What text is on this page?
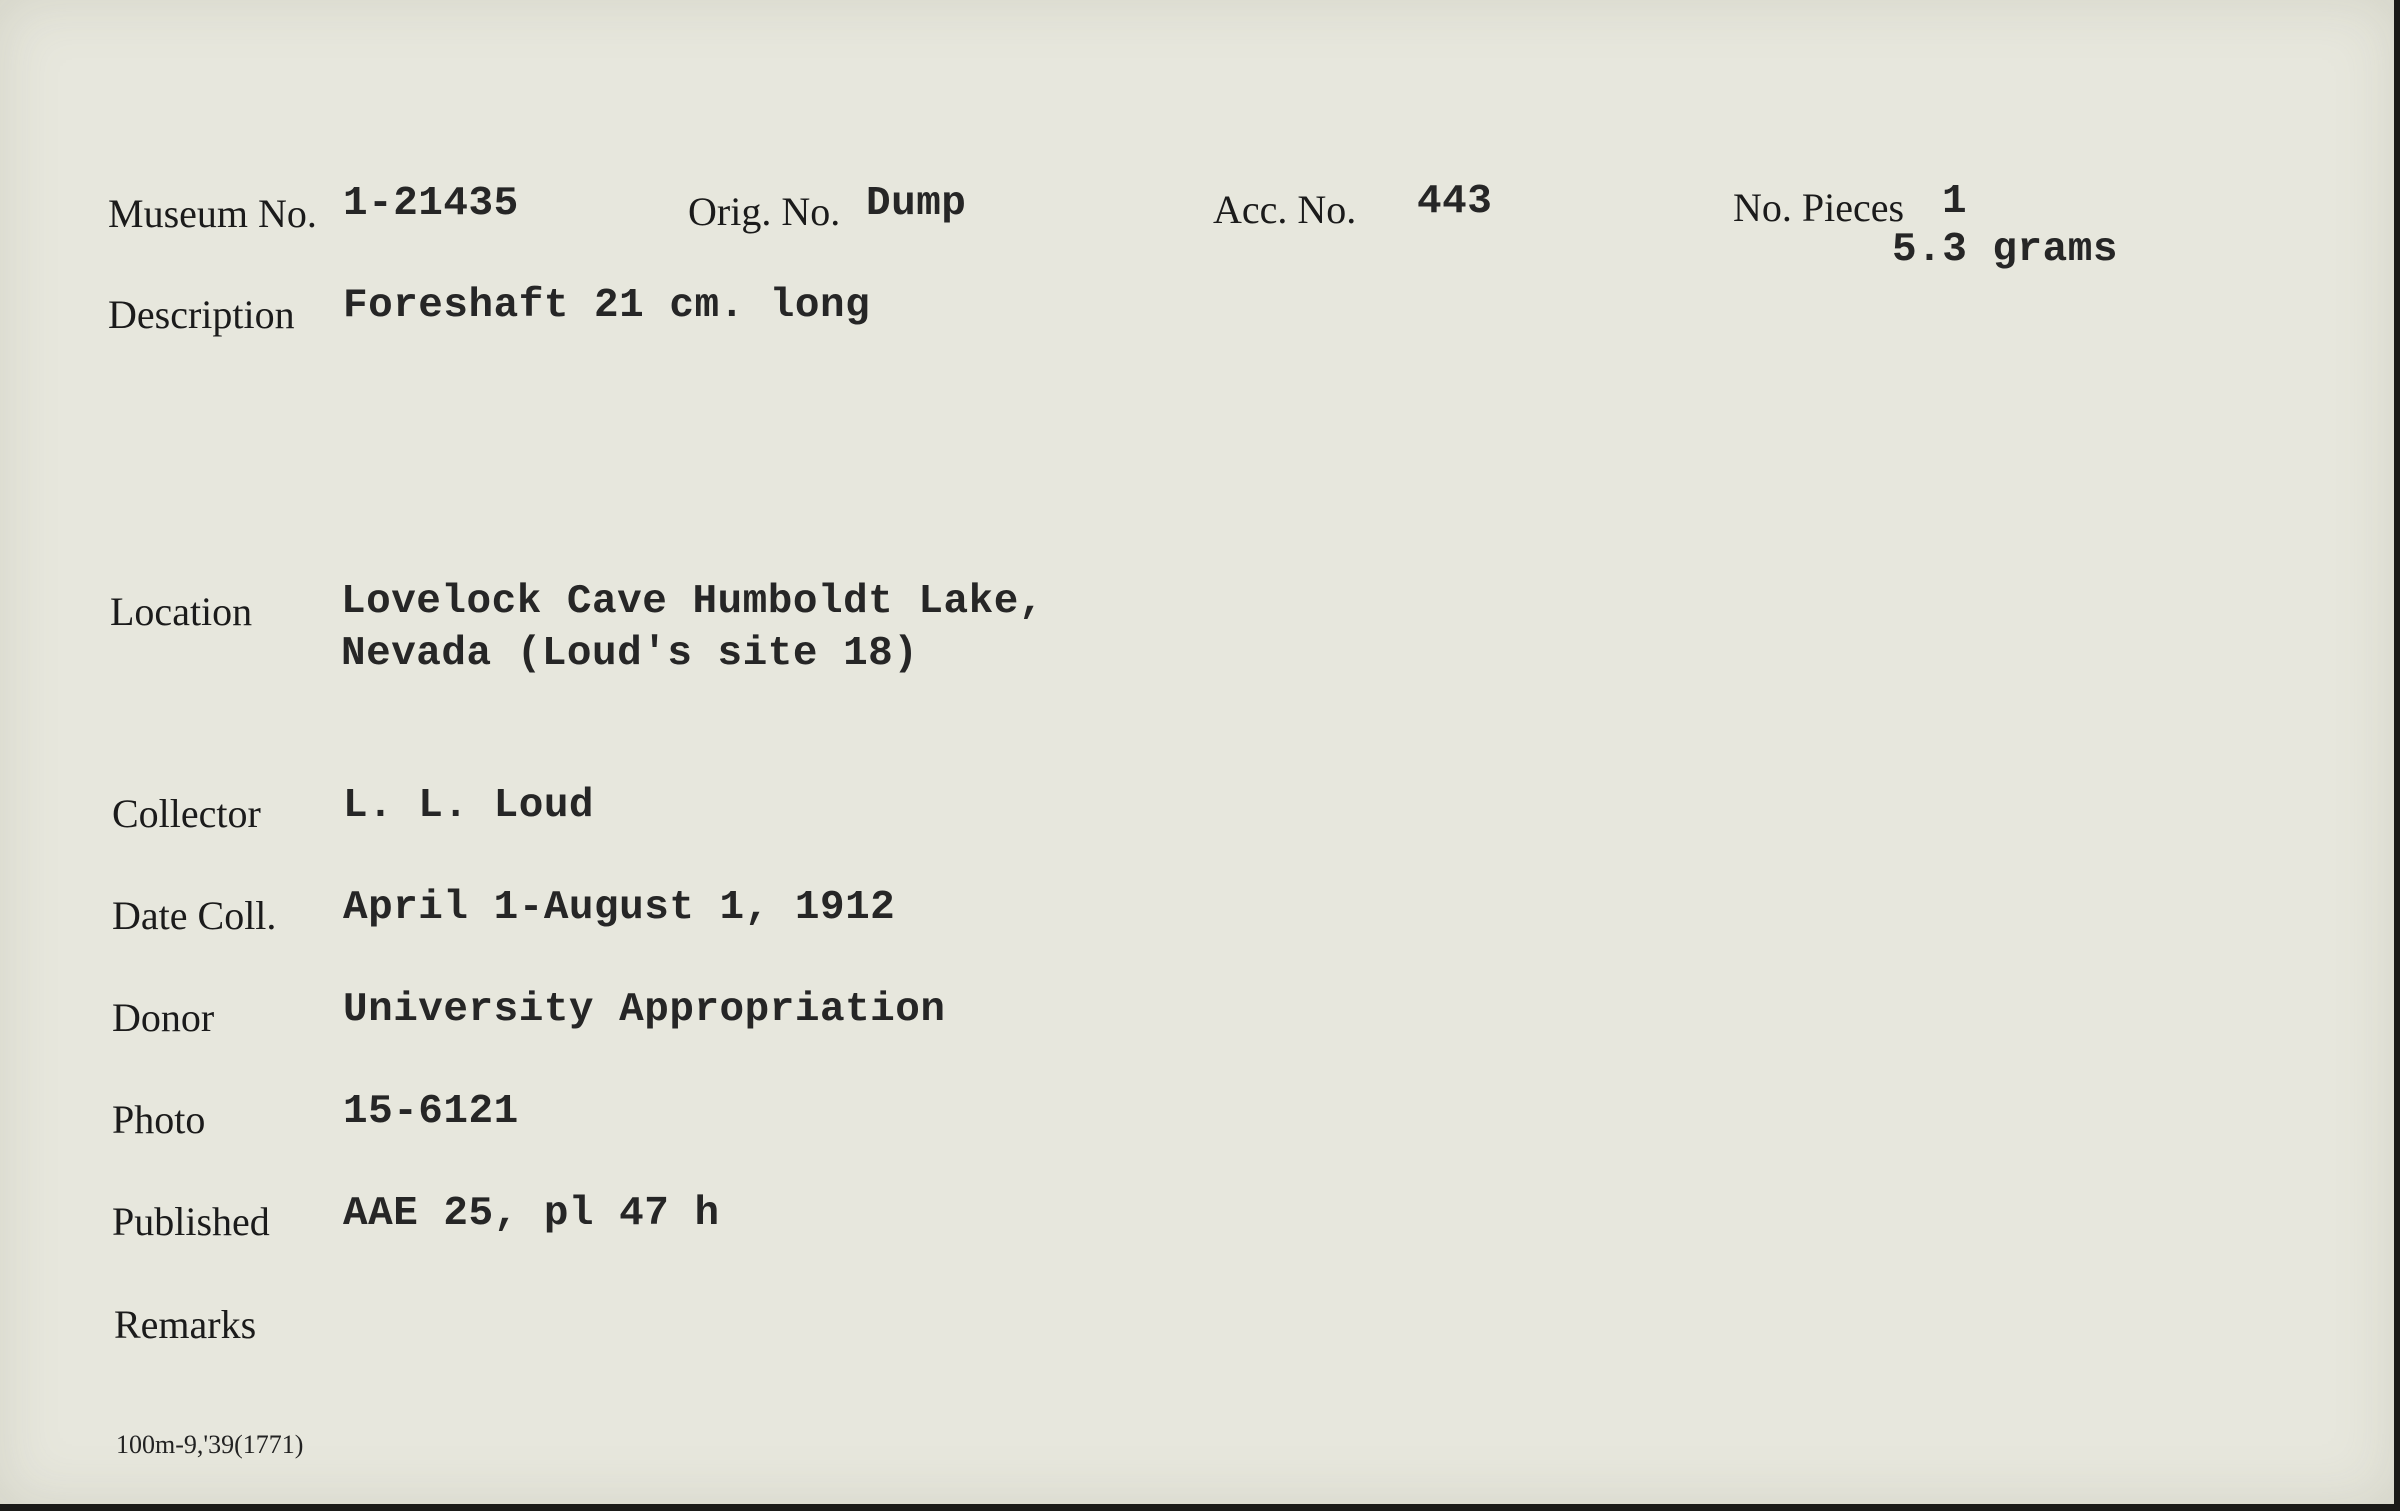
Museum No. 1-21435	Orig. No. Dump	Acc. No. 443	No. Pieces 1
5.3 grams
Description Foreshaft 21 cm. long
Location Lovelock Cave Humboldt Lake,
Nevada (Loud's site 18)
Collector L. L. Loud
Date Coll. April 1-August 1, 1912
Donor	University Appropriation
Photo	15-6121
Published AAE 25, pl 47 h
Remarks
100m-9,'39(1771)
